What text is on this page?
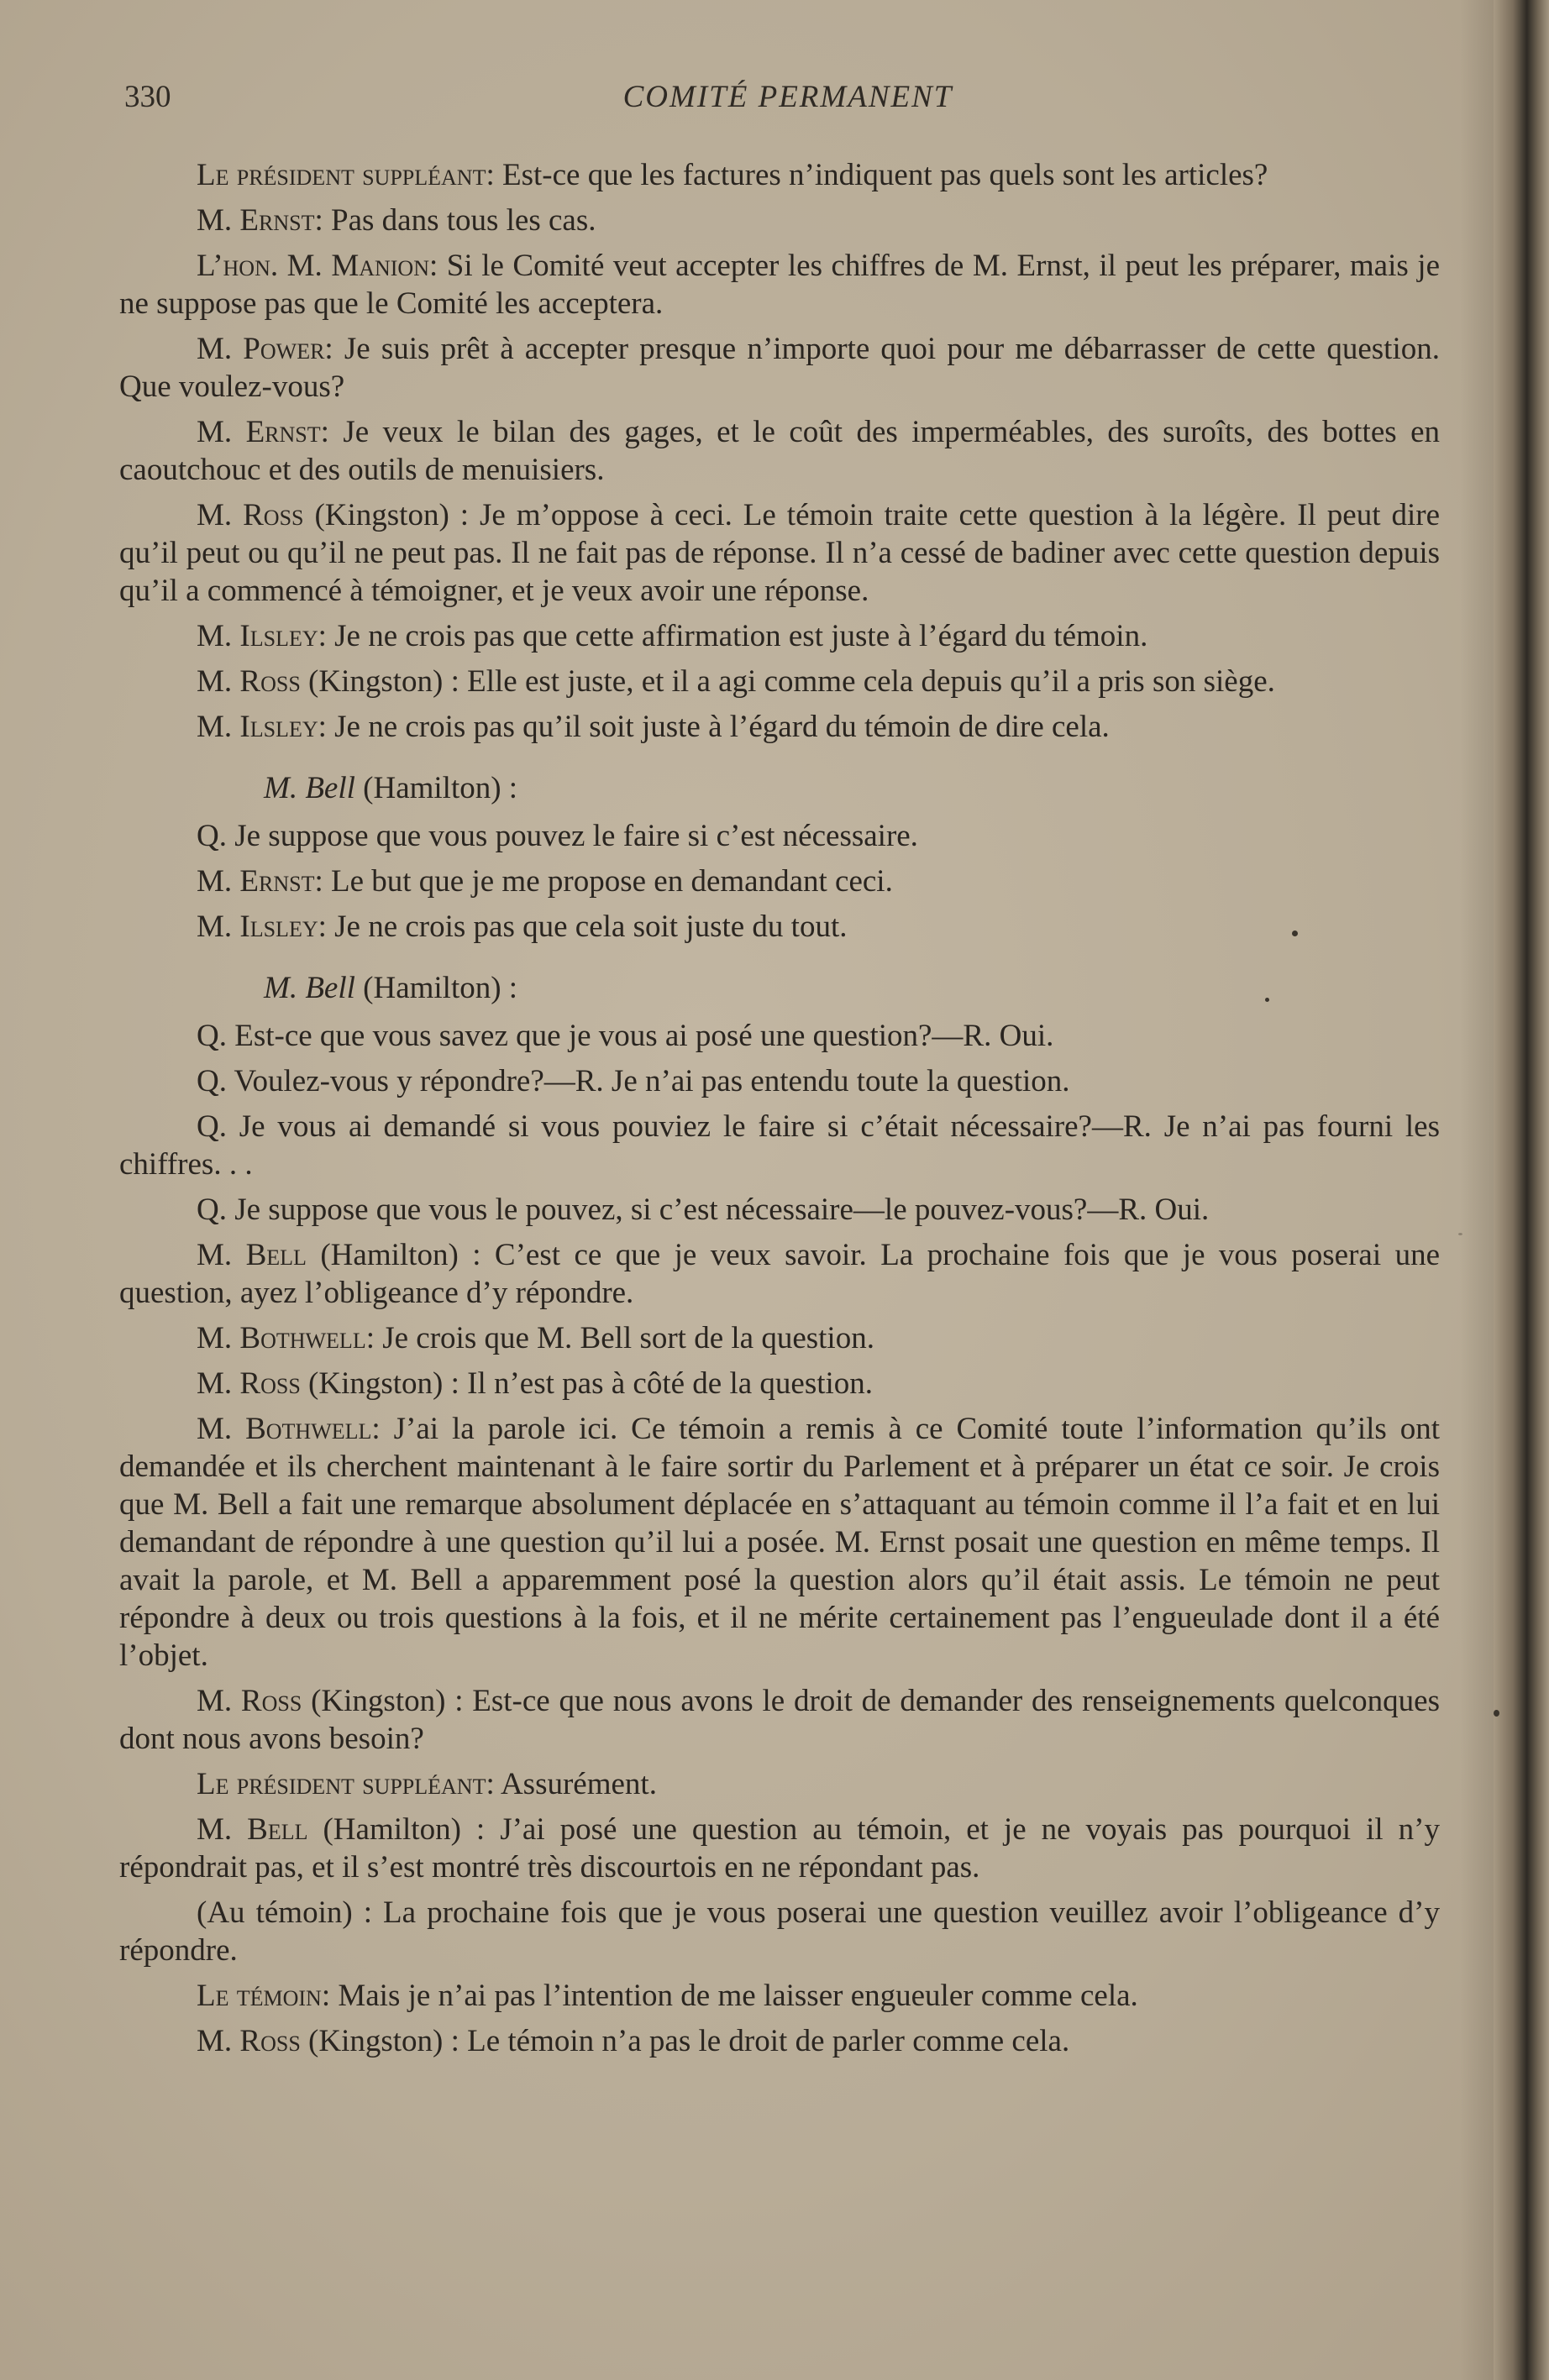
330	COMITÉ PERMANENT

Le président suppléant: Est-ce que les factures n’indiquent pas quels sont les articles?

M. Ernst: Pas dans tous les cas.

L’hon. M. Manion: Si le Comité veut accepter les chiffres de M. Ernst, il peut les préparer, mais je ne suppose pas que le Comité les acceptera.

M. Power: Je suis prêt à accepter presque n’importe quoi pour me débarrasser de cette question. Que voulez-vous?

M. Ernst: Je veux le bilan des gages, et le coût des imperméables, des suroîts, des bottes en caoutchouc et des outils de menuisiers.

M. Ross (Kingston) : Je m’oppose à ceci. Le témoin traite cette question à la légère. Il peut dire qu’il peut ou qu’il ne peut pas. Il ne fait pas de réponse. Il n’a cessé de badiner avec cette question depuis qu’il a commencé à témoigner, et je veux avoir une réponse.

M. Ilsley: Je ne crois pas que cette affirmation est juste à l’égard du témoin.

M. Ross (Kingston) : Elle est juste, et il a agi comme cela depuis qu’il a pris son siège.

M. Ilsley: Je ne crois pas qu’il soit juste à l’égard du témoin de dire cela.

M. Bell (Hamilton) :

Q. Je suppose que vous pouvez le faire si c’est nécessaire.

M. Ernst: Le but que je me propose en demandant ceci.

M. Ilsley: Je ne crois pas que cela soit juste du tout.

M. Bell (Hamilton) :

Q. Est-ce que vous savez que je vous ai posé une question?—R. Oui.

Q. Voulez-vous y répondre?—R. Je n’ai pas entendu toute la question.

Q. Je vous ai demandé si vous pouviez le faire si c’était nécessaire?—R. Je n’ai pas fourni les chiffres. . .

Q. Je suppose que vous le pouvez, si c’est nécessaire—le pouvez-vous?—R. Oui.

M. Bell (Hamilton) : C’est ce que je veux savoir. La prochaine fois que je vous poserai une question, ayez l’obligeance d’y répondre.

M. Bothwell: Je crois que M. Bell sort de la question.

M. Ross (Kingston) : Il n’est pas à côté de la question.

M. Bothwell: J’ai la parole ici. Ce témoin a remis à ce Comité toute l’information qu’ils ont demandée et ils cherchent maintenant à le faire sortir du Parlement et à préparer un état ce soir. Je crois que M. Bell a fait une remarque absolument déplacée en s’attaquant au témoin comme il l’a fait et en lui demandant de répondre à une question qu’il lui a posée. M. Ernst posait une question en même temps. Il avait la parole, et M. Bell a apparemment posé la question alors qu’il était assis. Le témoin ne peut répondre à deux ou trois questions à la fois, et il ne mérite certainement pas l’engueulade dont il a été l’objet.

M. Ross (Kingston) : Est-ce que nous avons le droit de demander des renseignements quelconques dont nous avons besoin?

Le président suppléant: Assurément.

M. Bell (Hamilton) : J’ai posé une question au témoin, et je ne voyais pas pourquoi il n’y répondrait pas, et il s’est montré très discourtois en ne répondant pas.

(Au témoin) : La prochaine fois que je vous poserai une question veuillez avoir l’obligeance d’y répondre.

Le témoin: Mais je n’ai pas l’intention de me laisser engueuler comme cela.

M. Ross (Kingston) : Le témoin n’a pas le droit de parler comme cela.
